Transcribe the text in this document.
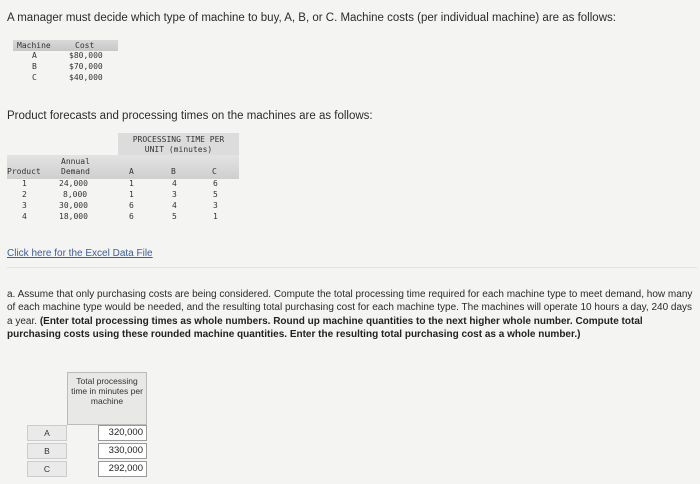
A manager must decide which type of machine to buy, A, B, or C. Machine costs (per individual machine) are as follows:
Machine	Cost
A	$80,000
B	$70,000
C	$40,000
Product forecasts and processing times on the machines are as follows:
PROCESSING TIME PER
UNIT (minutes)
Annual
Product	Demand	A	B	C
1	24,000	1	4	6
2	8,000	1	3	5
3	30,000	6	4	3
4	18,000	6	5	1
Click here for the Excel Data File
a. Assume that only purchasing costs are being considered. Compute the total processing time required for each machine type to meet demand, how many of each machine type would be needed, and the resulting total purchasing cost for each machine type. The machines will operate 10 hours a day, 240 days a year. (Enter total processing times as whole numbers. Round up machine quantities to the next higher whole number. Compute total purchasing costs using these rounded machine quantities. Enter the resulting total purchasing cost as a whole number.)
Total processing time in minutes per machine
A	320,000
B	330,000
C	292,000
